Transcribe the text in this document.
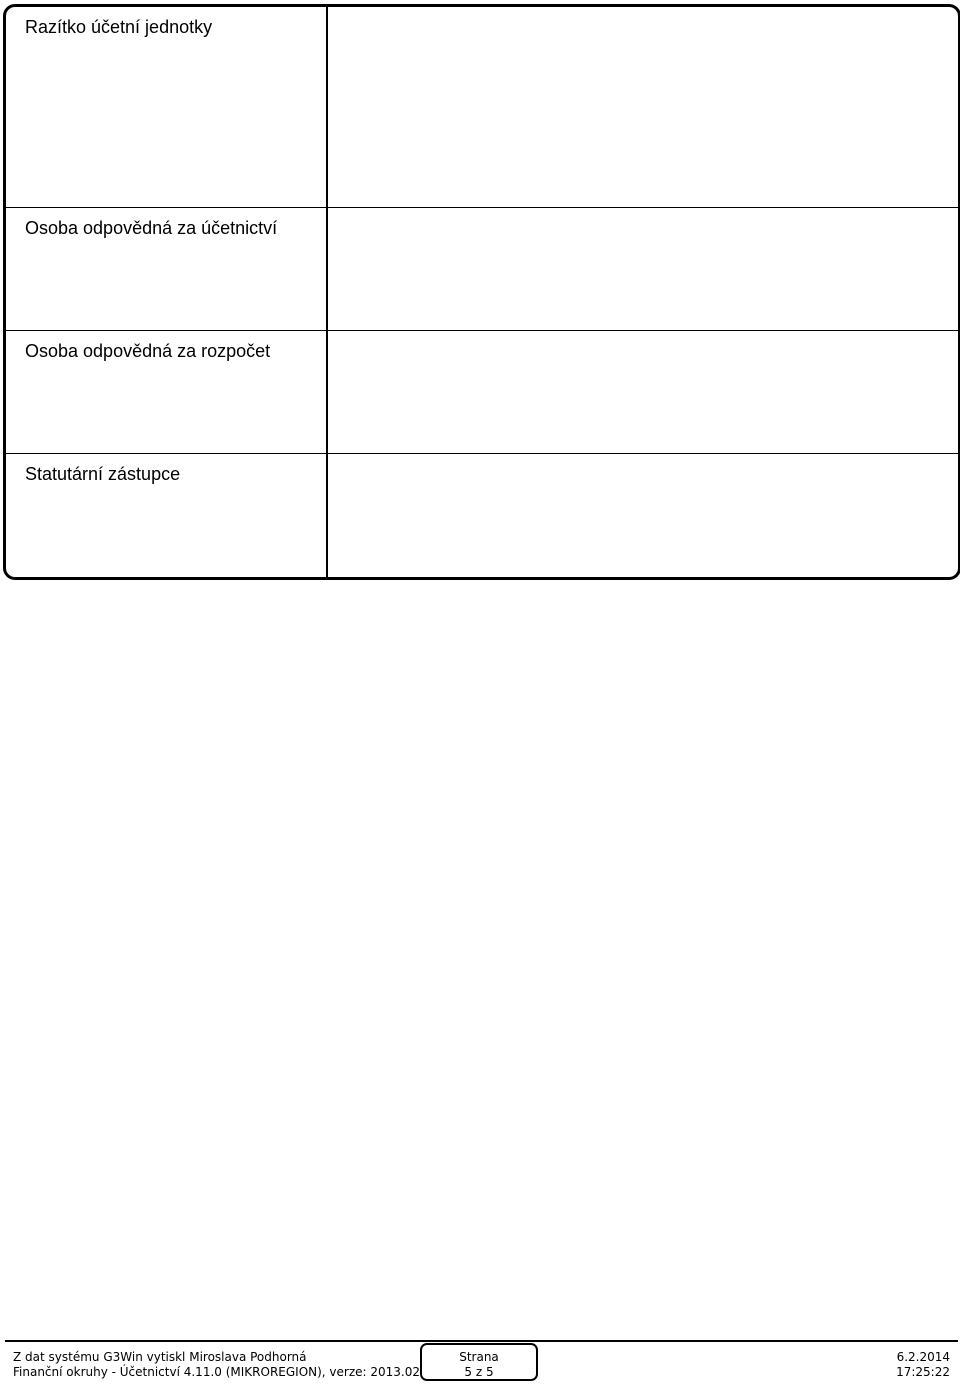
Razítko účetní jednotky
Osoba odpovědná za účetnictví
Osoba odpovědná za rozpočet
Statutární zástupce
Z dat systému G3Win vytiskl Miroslava Podhorná
Finanční okruhy - Účetnictví 4.11.0 (MIKROREGION), verze: 2013.02
Strana
5 z 5
6.2.2014
17:25:22
